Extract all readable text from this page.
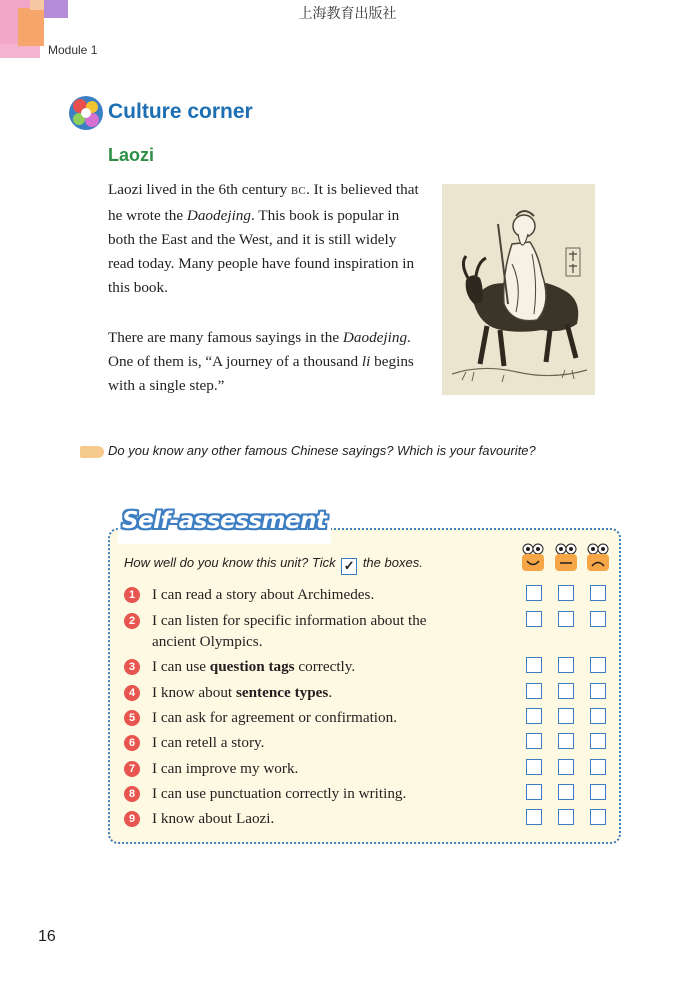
上海教育出版社
Module 1
Culture corner
Laozi
Laozi lived in the 6th century BC. It is believed that he wrote the Daodejing. This book is popular in both the East and the West, and it is still widely read today. Many people have found inspiration in this book.
There are many famous sayings in the Daodejing. One of them is, “A journey of a thousand li begins with a single step.”
Do you know any other famous Chinese sayings? Which is your favourite?
Self-assessment
How well do you know this unit? Tick ✓ the boxes.
1	I can read a story about Archimedes.
2	I can listen for specific information about the ancient Olympics.
3	I can use question tags correctly.
4	I know about sentence types.
5	I can ask for agreement or confirmation.
6	I can retell a story.
7	I can improve my work.
8	I can use punctuation correctly in writing.
9	I know about Laozi.
16
